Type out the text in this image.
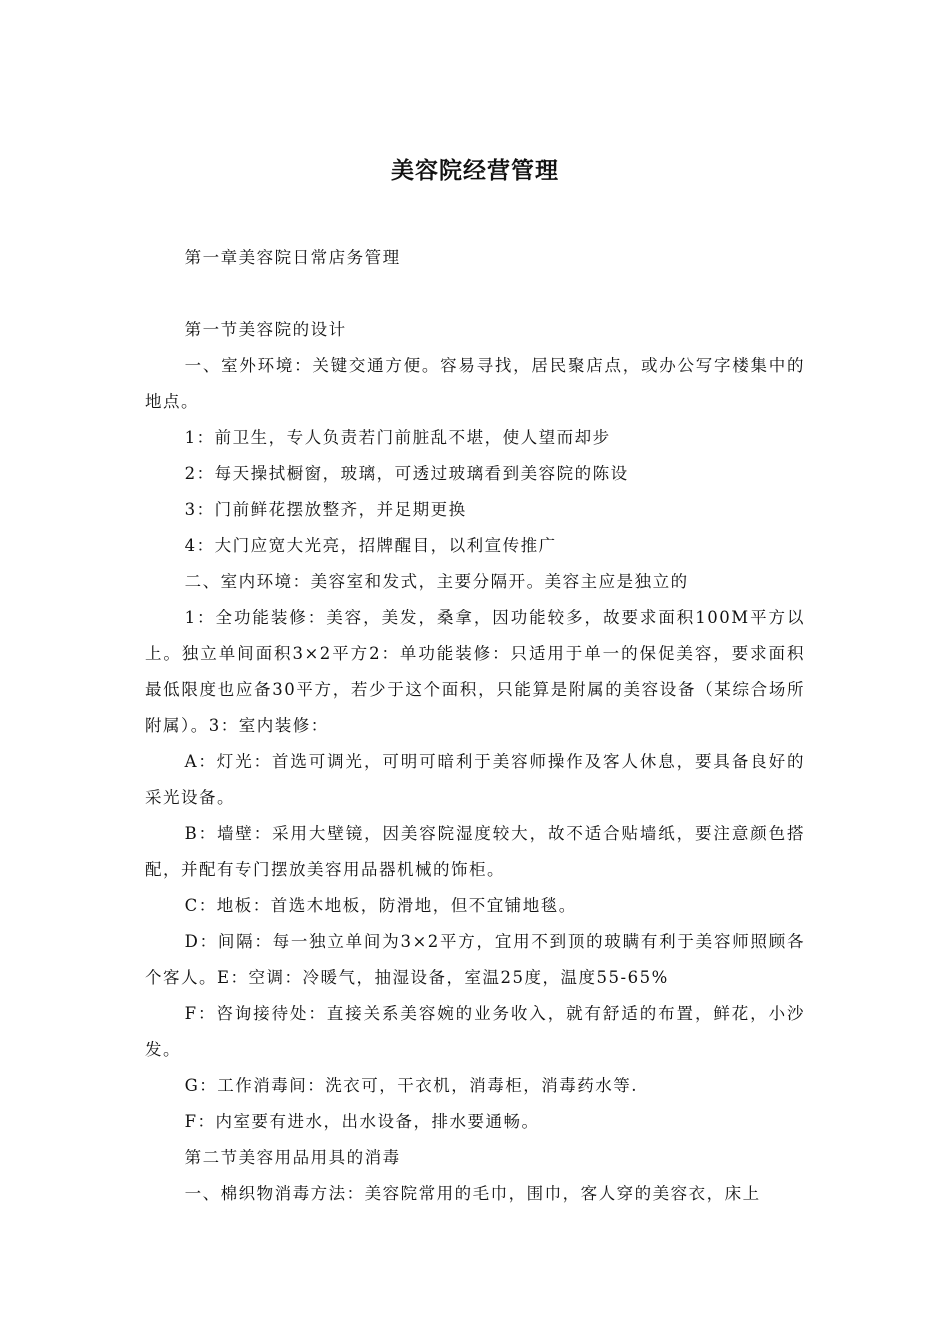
美容院经营管理

第一章美容院日常店务管理

第一节美容院的设计

一、室外环境：关键交通方便。容易寻找，居民聚店点，或办公写字楼集中的地点。

1：前卫生，专人负责若门前脏乱不堪，使人望而却步

2：每天操拭橱窗，玻璃，可透过玻璃看到美容院的陈设

3：门前鲜花摆放整齐，并足期更换

4：大门应宽大光亮，招牌醒目，以利宣传推广

二、室内环境：美容室和发式，主要分隔开。美容主应是独立的

1：全功能装修：美容，美发，桑拿，因功能较多，故要求面积100M平方以上。独立单间面积3×2平方2：单功能装修：只适用于单一的保促美容，要求面积最低限度也应备30平方，若少于这个面积，只能算是附属的美容设备（某综合场所附属）。3：室内装修：

A：灯光：首选可调光，可明可暗利于美容师操作及客人休息，要具备良好的采光设备。

B：墙壁：采用大壁镜，因美容院湿度较大，故不适合贴墙纸，要注意颜色搭配，并配有专门摆放美容用品器机械的饰柜。

C：地板：首选木地板，防滑地，但不宜铺地毯。

D：间隔：每一独立单间为3×2平方，宜用不到顶的玻瞒有利于美容师照顾各个客人。E：空调：冷暖气，抽湿设备，室温25度，温度55-65%

F：咨询接待处：直接关系美容婉的业务收入，就有舒适的布置，鲜花，小沙发。

G：工作消毒间：洗衣可，干衣机，消毒柜，消毒药水等.

F：内室要有进水，出水设备，排水要通畅。

第二节美容用品用具的消毒

一、棉织物消毒方法：美容院常用的毛巾，围巾，客人穿的美容衣，床上
